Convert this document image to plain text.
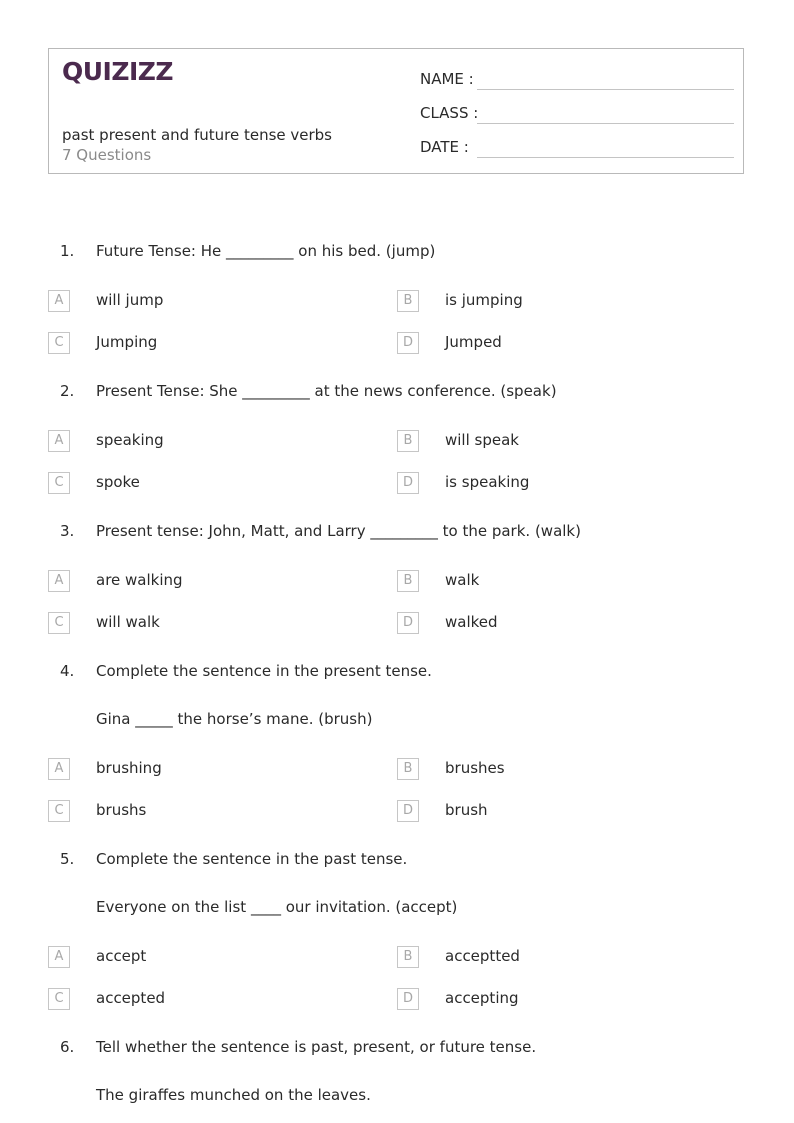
QUIZIZZ
past present and future tense verbs
7 Questions
NAME :
CLASS :
DATE :
1. Future Tense: He _________ on his bed. (jump)
A	will jump	B	is jumping
C	Jumping	D	Jumped
2. Present Tense: She _________ at the news conference. (speak)
A	speaking	B	will speak
C	spoke	D	is speaking
3. Present tense: John, Matt, and Larry _________ to the park. (walk)
A	are walking	B	walk
C	will walk	D	walked
4. Complete the sentence in the present tense.
Gina _____ the horse’s mane. (brush)
A	brushing	B	brushes
C	brushs	D	brush
5. Complete the sentence in the past tense.
Everyone on the list ____ our invitation. (accept)
A	accept	B	acceptted
C	accepted	D	accepting
6. Tell whether the sentence is past, present, or future tense.
The giraffes munched on the leaves.
